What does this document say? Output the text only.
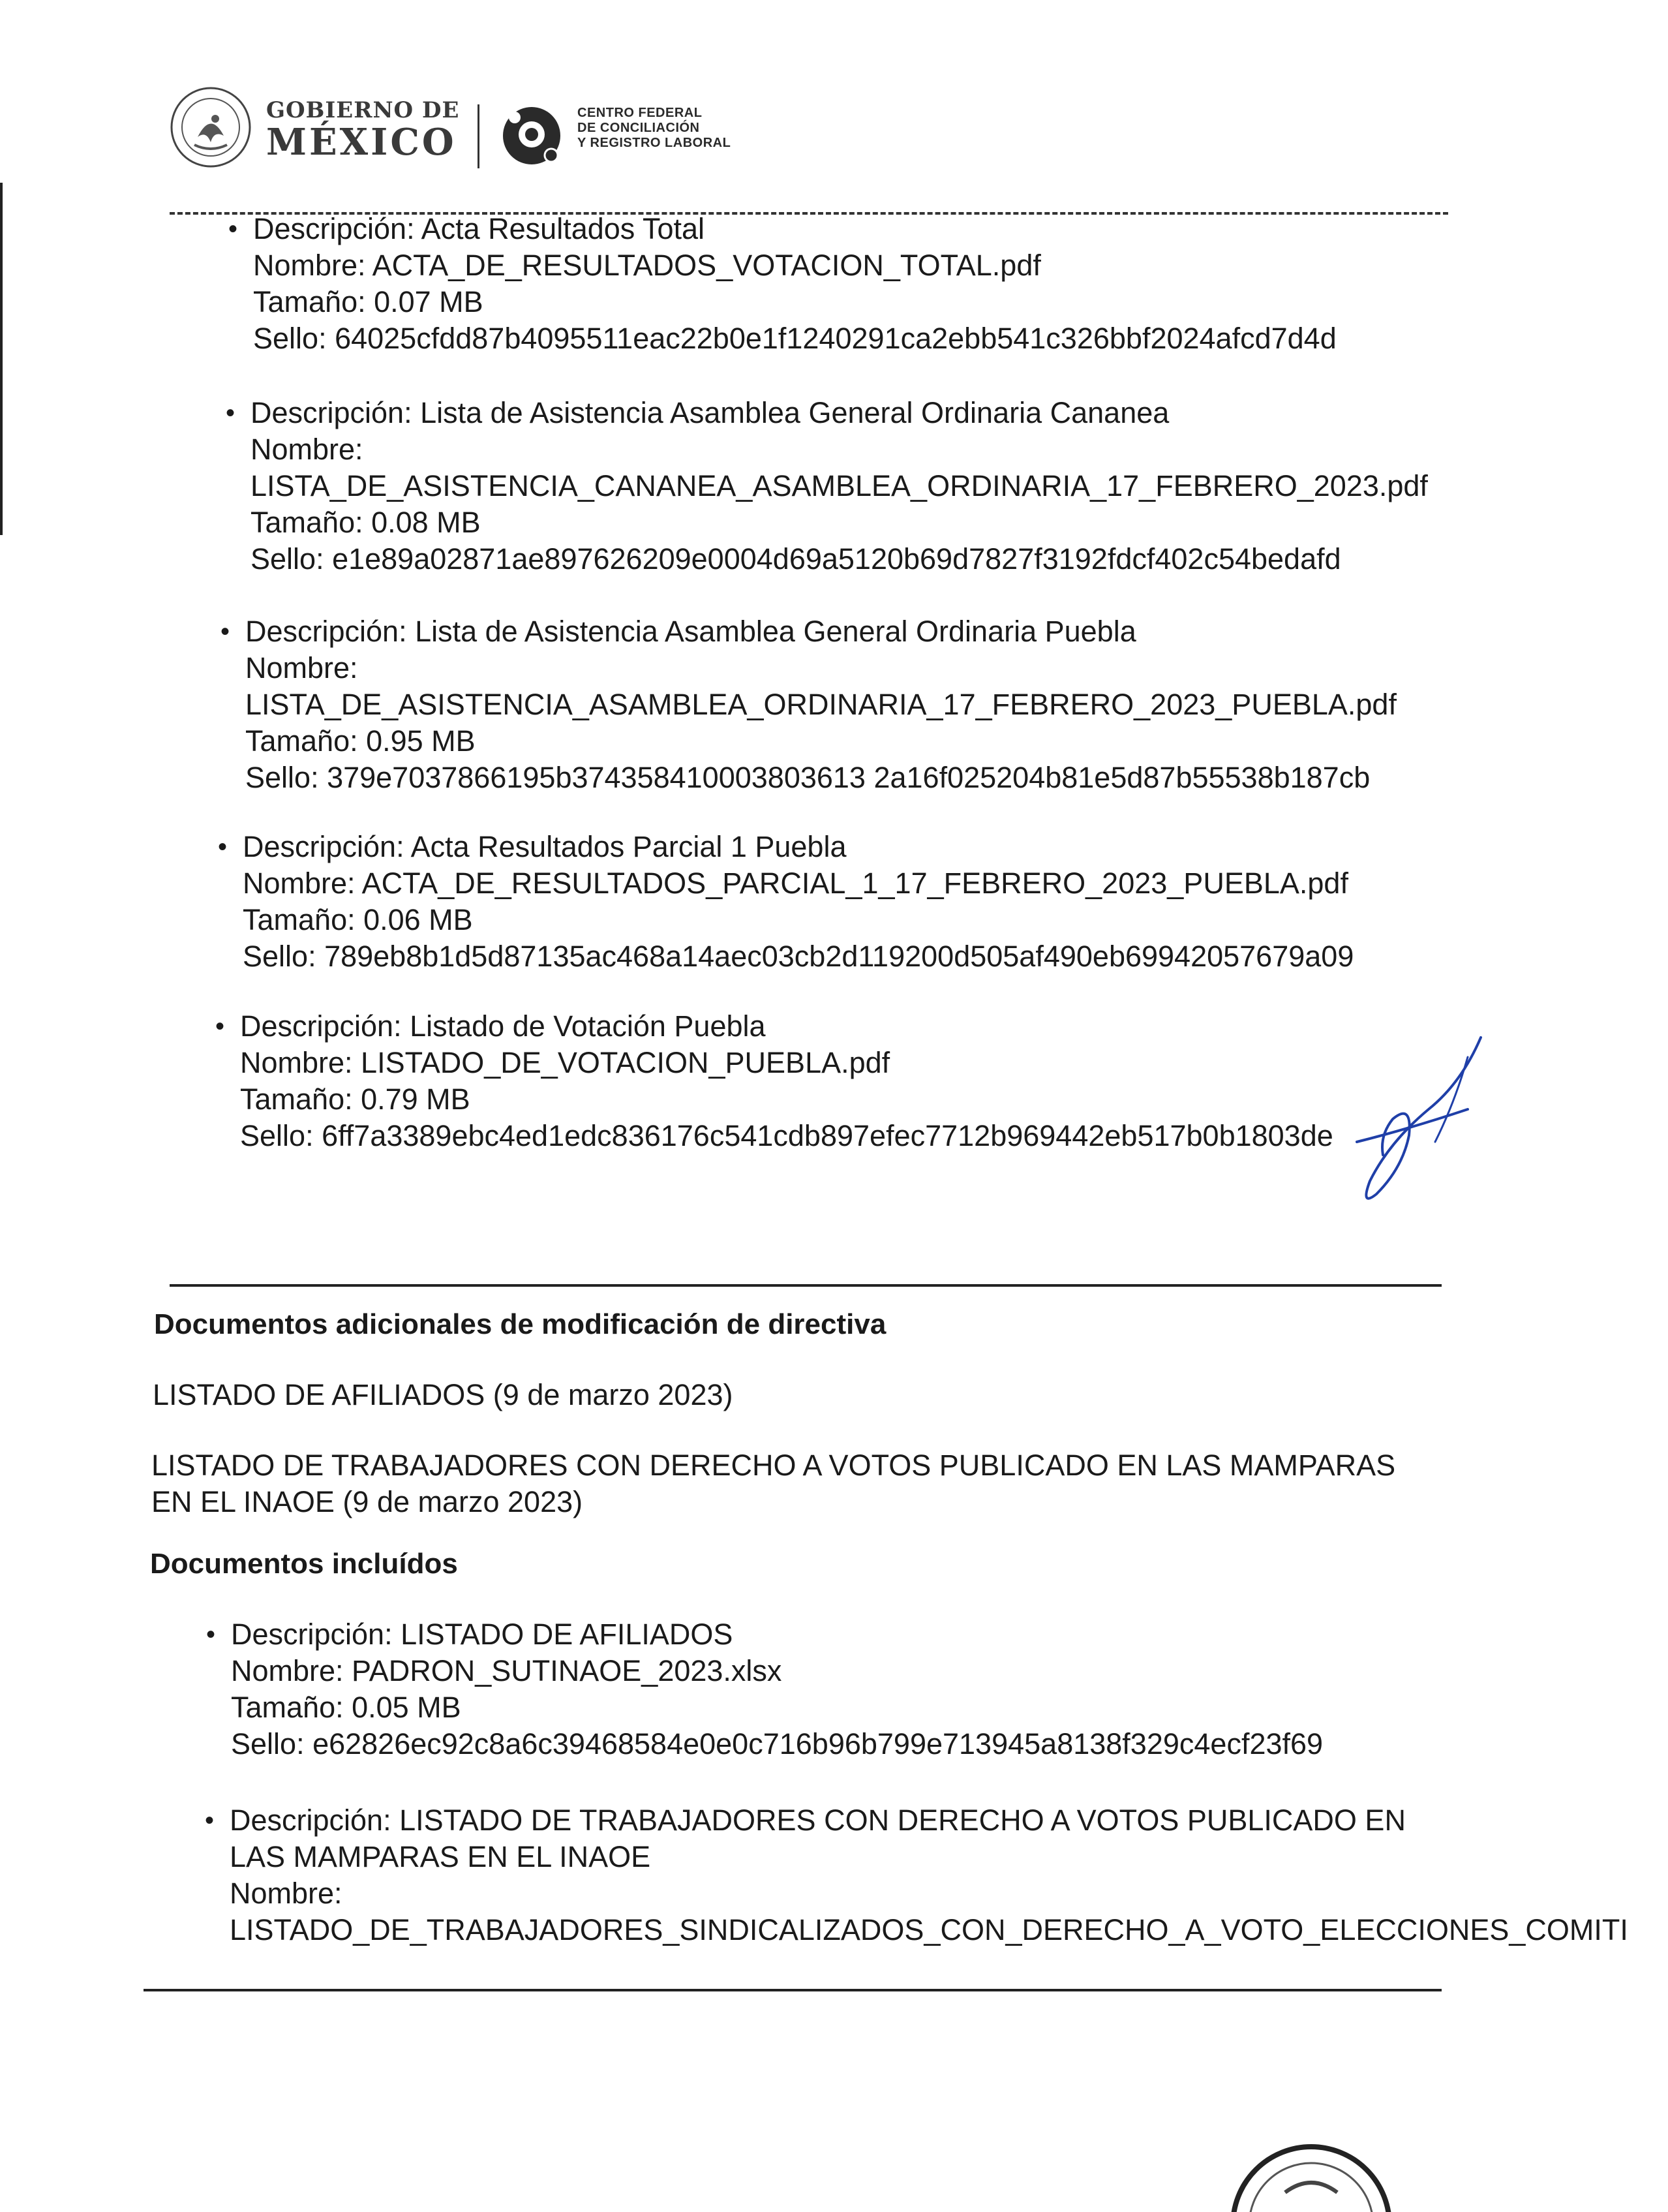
GOBIERNO DE
MÉXICO
CENTRO FEDERAL
DE CONCILIACIÓN
Y REGISTRO LABORAL
• Descripción: Acta Resultados Total
Nombre: ACTA_DE_RESULTADOS_VOTACION_TOTAL.pdf
Tamaño: 0.07 MB
Sello: 64025cfdd87b4095511eac22b0e1f1240291ca2ebb541c326bbf2024afcd7d4d
• Descripción: Lista de Asistencia Asamblea General Ordinaria Cananea
Nombre:
LISTA_DE_ASISTENCIA_CANANEA_ASAMBLEA_ORDINARIA_17_FEBRERO_2023.pdf
Tamaño: 0.08 MB
Sello: e1e89a02871ae897626209e0004d69a5120b69d7827f3192fdcf402c54bedafd
• Descripción: Lista de Asistencia Asamblea General Ordinaria Puebla
Nombre:
LISTA_DE_ASISTENCIA_ASAMBLEA_ORDINARIA_17_FEBRERO_2023_PUEBLA.pdf
Tamaño: 0.95 MB
Sello: 379e7037866195b374358410003803613 2a16f025204b81e5d87b55538b187cb
• Descripción: Acta Resultados Parcial 1 Puebla
Nombre: ACTA_DE_RESULTADOS_PARCIAL_1_17_FEBRERO_2023_PUEBLA.pdf
Tamaño: 0.06 MB
Sello: 789eb8b1d5d87135ac468a14aec03cb2d119200d505af490eb69942057679a09
• Descripción: Listado de Votación Puebla
Nombre: LISTADO_DE_VOTACION_PUEBLA.pdf
Tamaño: 0.79 MB
Sello: 6ff7a3389ebc4ed1edc836176c541cdb897efec7712b969442eb517b0b1803de
Documentos adicionales de modificación de directiva
LISTADO DE AFILIADOS (9 de marzo 2023)
LISTADO DE TRABAJADORES CON DERECHO A VOTOS PUBLICADO EN LAS MAMPARAS
EN EL INAOE (9 de marzo 2023)
Documentos incluídos
• Descripción: LISTADO DE AFILIADOS
Nombre: PADRON_SUTINAOE_2023.xlsx
Tamaño: 0.05 MB
Sello: e62826ec92c8a6c39468584e0e0c716b96b799e713945a8138f329c4ecf23f69
Descripción: LISTADO DE TRABAJADORES CON DERECHO A VOTOS PUBLICADO EN
LAS MAMPARAS EN EL INAOE
Nombre:
LISTADO_DE_TRABAJADORES_SINDICALIZADOS_CON_DERECHO_A_VOTO_ELECCIONES_COMITI
•
